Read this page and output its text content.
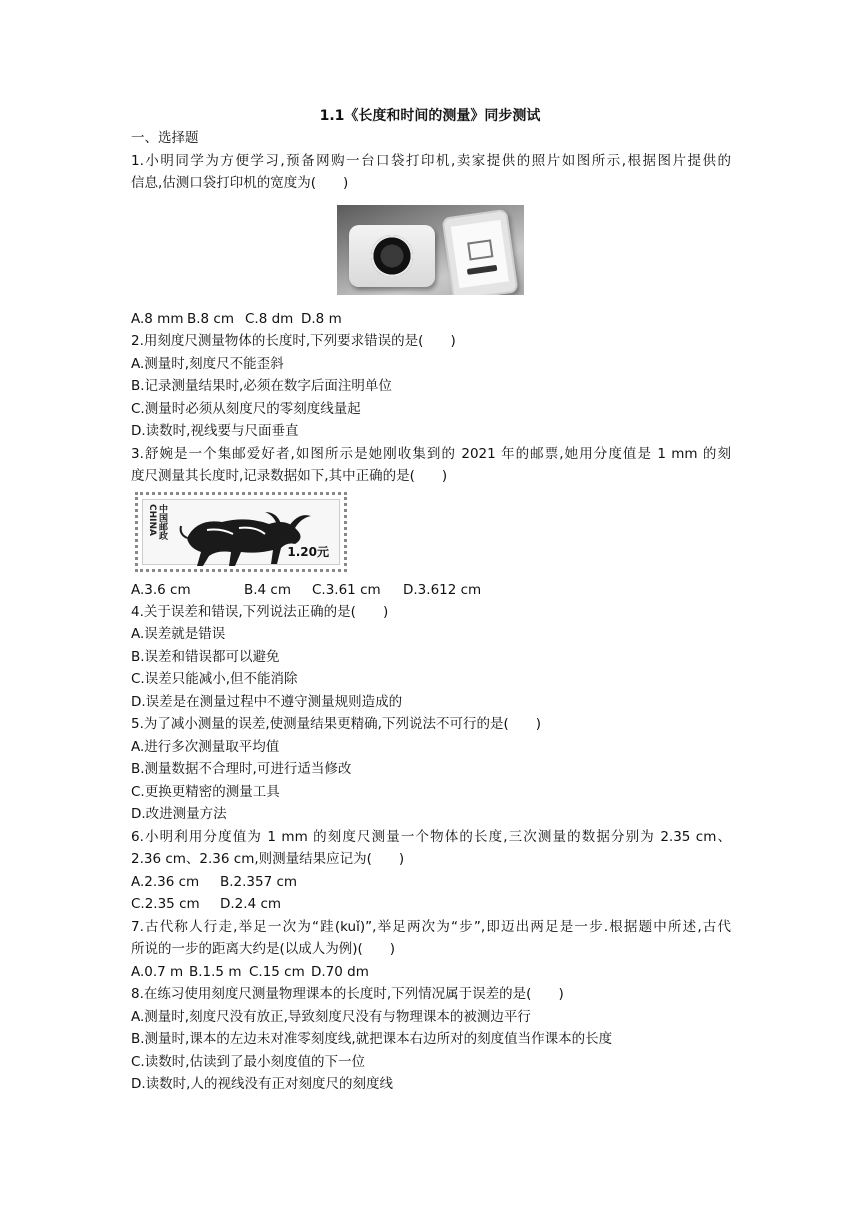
1.1《长度和时间的测量》同步测试
一、选择题
1.小明同学为方便学习,预备网购一台口袋打印机,卖家提供的照片如图所示,根据图片提供的
信息,估测口袋打印机的宽度为(　　)
A.8 mm B.8 cm C.8 dm D.8 m
2.用刻度尺测量物体的长度时,下列要求错误的是(　　)
A.测量时,刻度尺不能歪斜
B.记录测量结果时,必须在数字后面注明单位
C.测量时必须从刻度尺的零刻度线量起
D.读数时,视线要与尺面垂直
3.舒婉是一个集邮爱好者,如图所示是她刚收集到的 2021 年的邮票,她用分度值是 1 mm 的刻
度尺测量其长度时,记录数据如下,其中正确的是(　　)
中国邮政 CHINA
1.20元
A.3.6 cm	B.4 cm C.3.61 cm D.3.612 cm
4.关于误差和错误,下列说法正确的是(　　)
A.误差就是错误
B.误差和错误都可以避免
C.误差只能减小,但不能消除
D.误差是在测量过程中不遵守测量规则造成的
5.为了减小测量的误差,使测量结果更精确,下列说法不可行的是(　　)
A.进行多次测量取平均值
B.测量数据不合理时,可进行适当修改
C.更换更精密的测量工具
D.改进测量方法
6.小明利用分度值为 1 mm 的刻度尺测量一个物体的长度,三次测量的数据分别为 2.35 cm、
2.36 cm、2.36 cm,则测量结果应记为(　　)
A.2.36 cm B.2.357 cm
C.2.35 cm D.2.4 cm
7.古代称人行走,举足一次为“跬(kuǐ)”,举足两次为“步”,即迈出两足是一步.根据题中所述,古代
所说的一步的距离大约是(以成人为例)(　　)
A.0.7 m B.1.5 m C.15 cm D.70 dm
8.在练习使用刻度尺测量物理课本的长度时,下列情况属于误差的是(　　)
A.测量时,刻度尺没有放正,导致刻度尺没有与物理课本的被测边平行
B.测量时,课本的左边未对准零刻度线,就把课本右边所对的刻度值当作课本的长度
C.读数时,估读到了最小刻度值的下一位
D.读数时,人的视线没有正对刻度尺的刻度线
